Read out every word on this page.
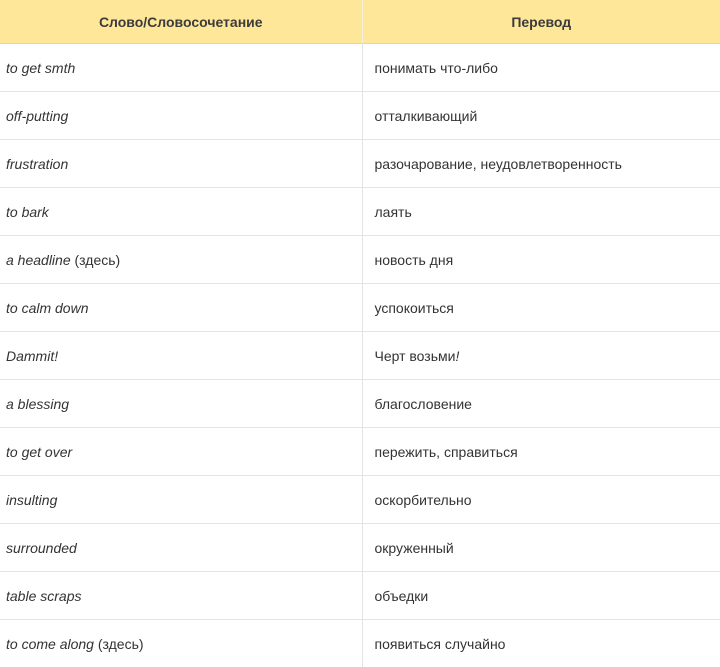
Слово/Словосочетание	Перевод
to get smth	понимать что-либо
off-putting	отталкивающий
frustration	разочарование, неудовлетворенность
to bark	лаять
a headline (здесь)	новость дня
to calm down	успокоиться
Dammit!	Черт возьми!
a blessing	благословение
to get over	пережить, справиться
insulting	оскорбительно
surrounded	окруженный
table scraps	объедки
to come along (здесь)	появиться случайно
